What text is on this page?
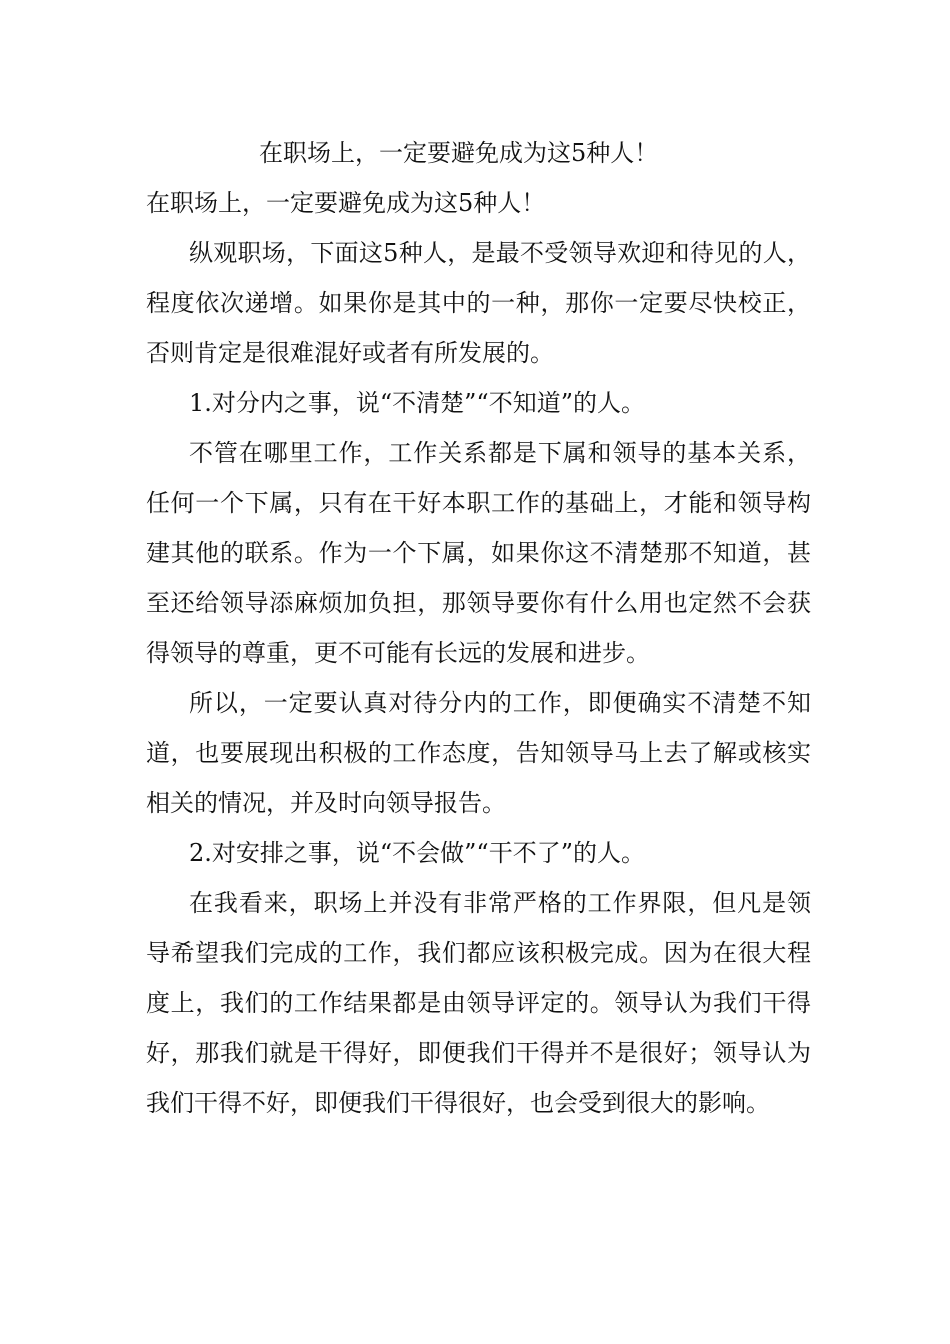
在职场上，一定要避免成为这5种人！

在职场上，一定要避免成为这5种人！

纵观职场，下面这5种人，是最不受领导欢迎和待见的人，程度依次递增。如果你是其中的一种，那你一定要尽快校正，否则肯定是很难混好或者有所发展的。

1.对分内之事，说“不清楚”“不知道”的人。

不管在哪里工作，工作关系都是下属和领导的基本关系，任何一个下属，只有在干好本职工作的基础上，才能和领导构建其他的联系。作为一个下属，如果你这不清楚那不知道，甚至还给领导添麻烦加负担，那领导要你有什么用也定然不会获得领导的尊重，更不可能有长远的发展和进步。

所以，一定要认真对待分内的工作，即便确实不清楚不知道，也要展现出积极的工作态度，告知领导马上去了解或核实相关的情况，并及时向领导报告。

2.对安排之事，说“不会做”“干不了”的人。

在我看来，职场上并没有非常严格的工作界限，但凡是领导希望我们完成的工作，我们都应该积极完成。因为在很大程度上，我们的工作结果都是由领导评定的。领导认为我们干得好，那我们就是干得好，即便我们干得并不是很好；领导认为我们干得不好，即便我们干得很好，也会受到很大的影响。
